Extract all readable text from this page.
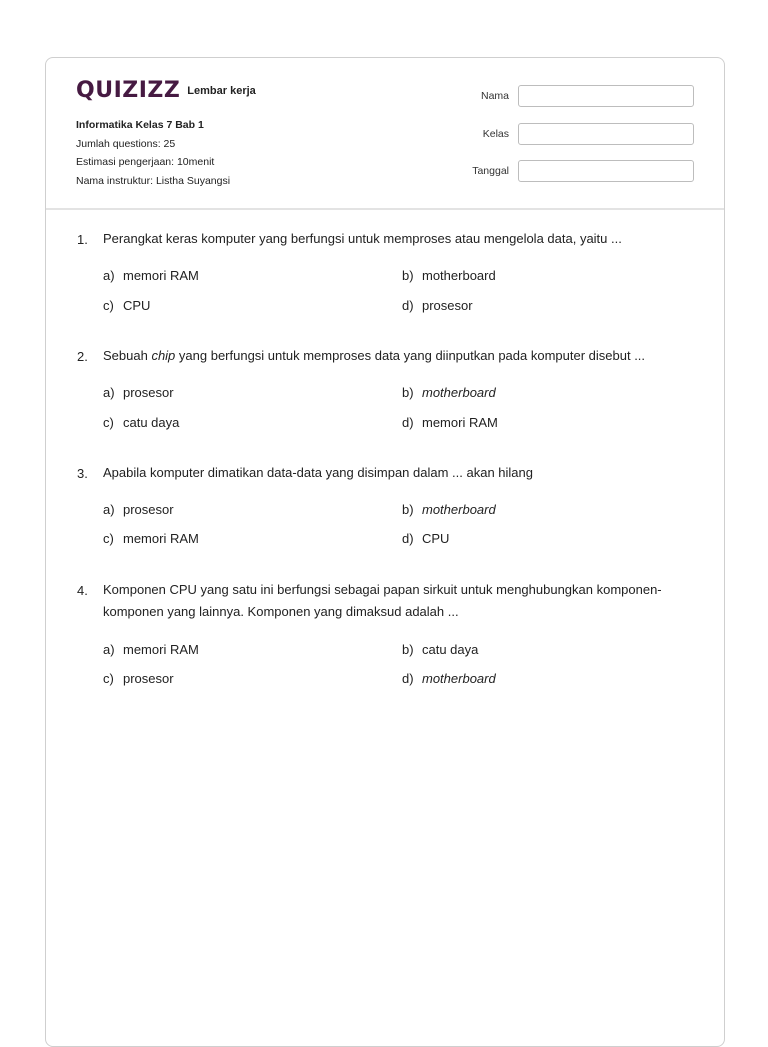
QUIZIZZ Lembar kerja
Informatika Kelas 7 Bab 1
Jumlah questions: 25
Estimasi pengerjaan: 10menit
Nama instruktur: Listha Suyangsi
Nama
Kelas
Tanggal
1. Perangkat keras komputer yang berfungsi untuk memproses atau mengelola data, yaitu ...
a) memori RAM	b) motherboard
c) CPU	d) prosesor
2. Sebuah chip yang berfungsi untuk memproses data yang diinputkan pada komputer disebut ...
a) prosesor	b) motherboard
c) catu daya	d) memori RAM
3. Apabila komputer dimatikan data-data yang disimpan dalam ... akan hilang
a) prosesor	b) motherboard
c) memori RAM	d) CPU
4. Komponen CPU yang satu ini berfungsi sebagai papan sirkuit untuk menghubungkan komponen-
komponen yang lainnya. Komponen yang dimaksud adalah ...
a) memori RAM	b) catu daya
c) prosesor	d) motherboard
